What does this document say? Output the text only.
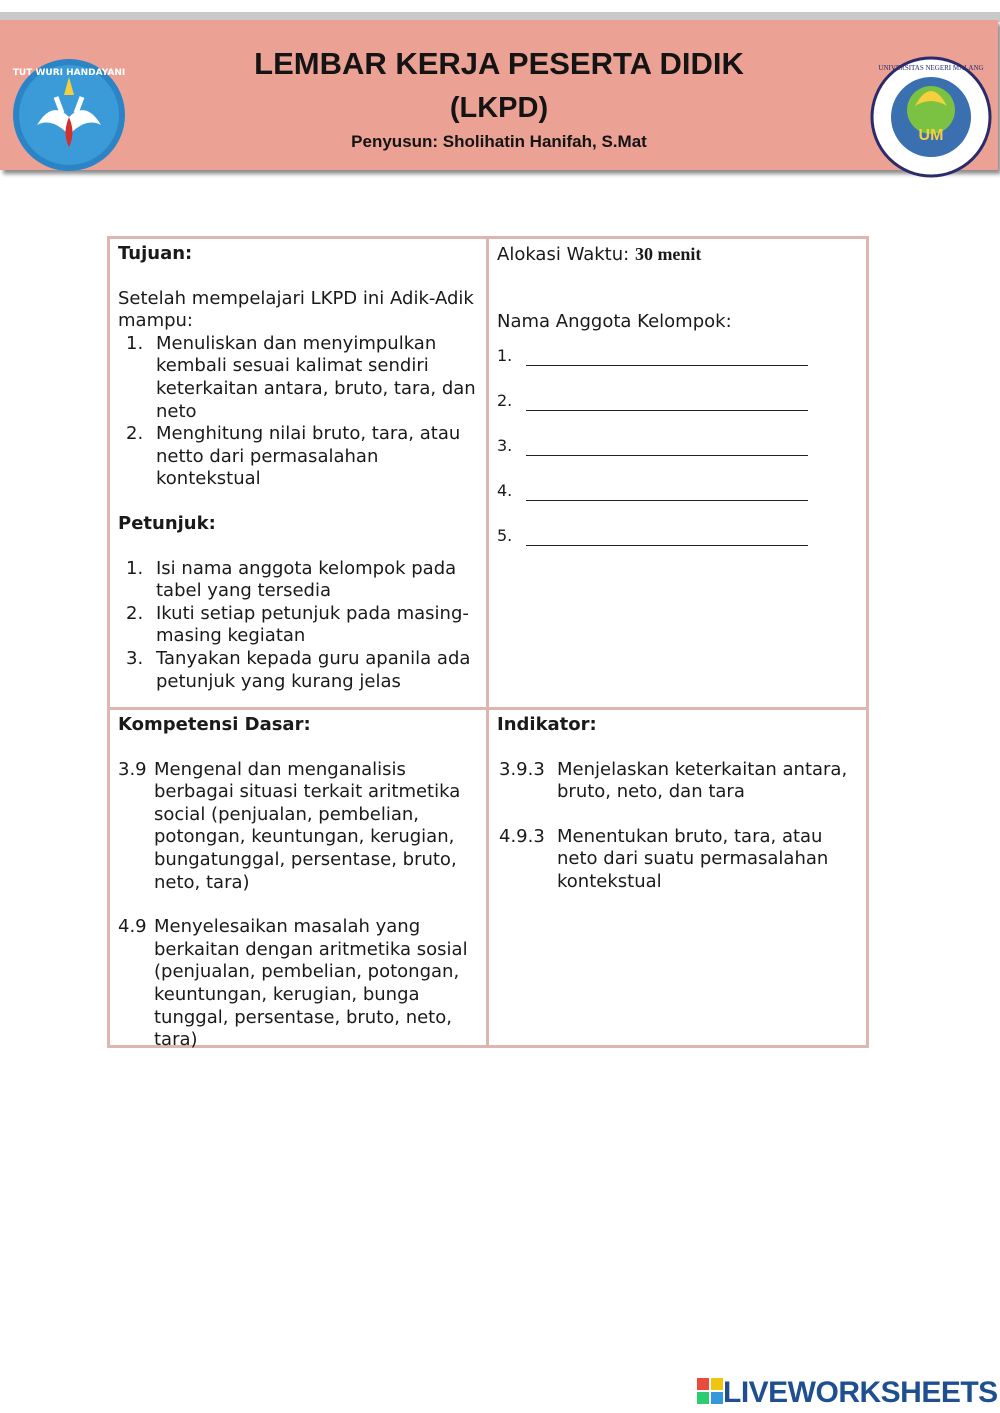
TUT WURI HANDAYANI	LEMBAR KERJA PESERTA DIDIK
(LKPD)
Penyusun: Sholihatin Hanifah, S.Mat	UM
UNIVERSITAS NEGERI MALANG
Tujuan:
Setelah mempelajari LKPD ini Adik-Adik mampu:
1. Menuliskan dan menyimpulkan kembali sesuai kalimat sendiri keterkaitan antara, bruto, tara, dan neto
2. Menghitung nilai bruto, tara, atau netto dari permasalahan kontekstual
Petunjuk:
1. Isi nama anggota kelompok pada tabel yang tersedia
2. Ikuti setiap petunjuk pada masing-masing kegiatan
3. Tanyakan kepada guru apanila ada petunjuk yang kurang jelas
Alokasi Waktu: 30 menit
Nama Anggota Kelompok:
1.
2.
3.
4.
5.
Kompetensi Dasar:
3.9 Mengenal dan menganalisis berbagai situasi terkait aritmetika social (penjualan, pembelian, potongan, keuntungan, kerugian, bungatunggal, persentase, bruto, neto, tara)
4.9 Menyelesaikan masalah yang berkaitan dengan aritmetika sosial (penjualan, pembelian, potongan, keuntungan, kerugian, bunga tunggal, persentase, bruto, neto, tara)
Indikator:
3.9.3 Menjelaskan keterkaitan antara, bruto, neto, dan tara
4.9.3 Menentukan bruto, tara, atau neto dari suatu permasalahan kontekstual
LIVEWORKSHEETS
